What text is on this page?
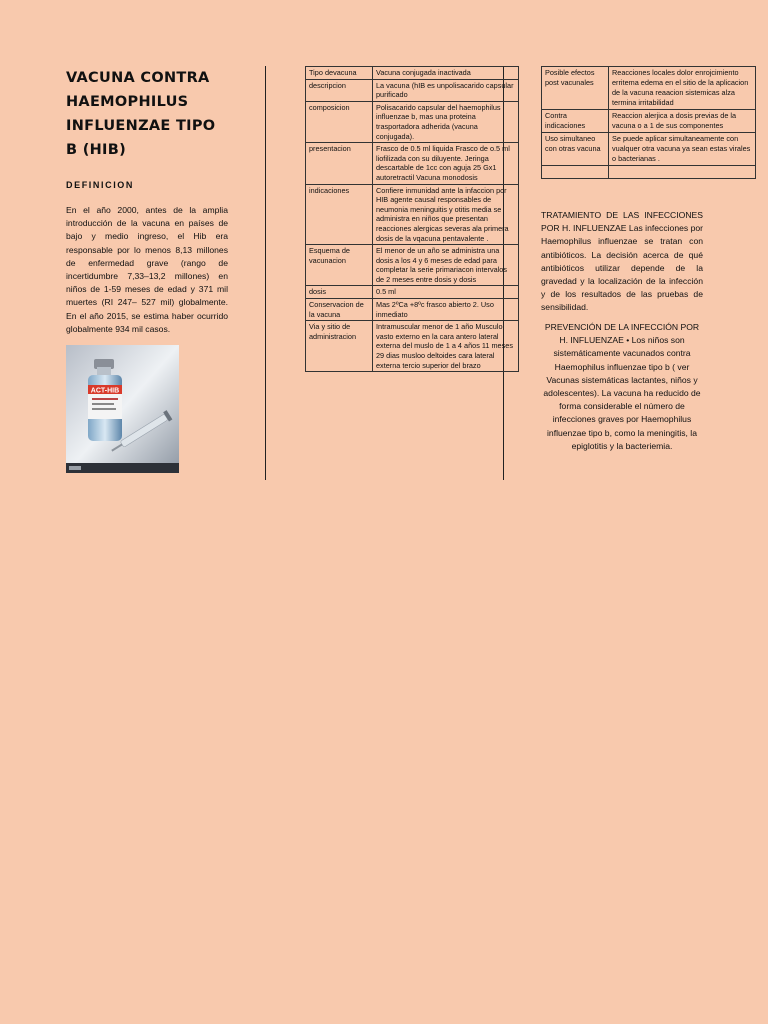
VACUNA CONTRA HAEMOPHILUS INFLUENZAE TIPO B (HIB)
DEFINICION

En el año 2000, antes de la amplia introducción de la vacuna en países de bajo y medio ingreso, el Hib era responsable por lo menos 8,13 millones de enfermedad grave (rango de incertidumbre 7,33–13,2 millones) en niños de 1-59 meses de edad y 371 mil muertes (RI 247– 527 mil) globalmente. En el año 2015, se estima haber ocurrido globalmente 934 mil casos.

ACT-HIB
Tipo devacuna	Vacuna conjugada inactivada
descripcion	La vacuna (hIB es unpolisacarido capsular purificado
composicion	Polisacarido capsular del haemophilus influenzae b, mas una proteina trasportadora adherida (vacuna conjugada).
presentacion	Frasco de 0.5 ml liquida Frasco de o.5 ml liofilizada con su diluyente. Jeringa descartable de 1cc con aguja 25 Gx1 autoretractil Vacuna monodosis
indicaciones	Confiere inmunidad ante la infaccion por HIB agente causal responsables de neumonia meninguitis y otitis media se administra en niños que presentan reacciones alergicas severas ala primera dosis de la vqacuna pentavalente .
Esquema de vacunacion	El menor de un año se administra una dosis a los 4 y 6 meses de edad para completar la serie primariacon intervalos de 2 meses entre dosis y dosis
dosis	0.5 ml
Conservacion de la vacuna	Mas 2ºCa +8ºc frasco abierto 2. Uso inmediato
Via y sitio de administracion	Intramuscular menor de 1 año Musculo vasto externo en la cara antero lateral externa del muslo de 1 a 4 años 11 meses 29 dias musloo deltoides cara lateral externa tercio superior del brazo
Posible efectos post vacunales	Reacciones locales dolor enrojcimiento erritema edema en el sitio de la aplicacion de la vacuna reaacion sistemicas alza termina irritabilidad
Contra indicaciones	Reaccion alerjica a dosis previas de la vacuna o a 1 de sus componentes
Uso simultaneo con otras vacuna	Se puede aplicar simultaneamente con vualquer otra vacuna ya sean estas virales o bacterianas .

TRATAMIENTO DE LAS INFECCIONES POR H. INFLUENZAE Las infecciones por Haemophilus influenzae se tratan con antibióticos. La decisión acerca de qué antibióticos utilizar depende de la gravedad y la localización de la infección y de los resultados de las pruebas de sensibilidad.

PREVENCIÓN DE LA INFECCIÓN POR H. INFLUENZAE • Los niños son sistemáticamente vacunados contra Haemophilus influenzae tipo b ( ver Vacunas sistemáticas lactantes, niños y adolescentes). La vacuna ha reducido de forma considerable el número de infecciones graves por Haemophilus influenzae tipo b, como la meningitis, la epiglotitis y la bacteriemia.
